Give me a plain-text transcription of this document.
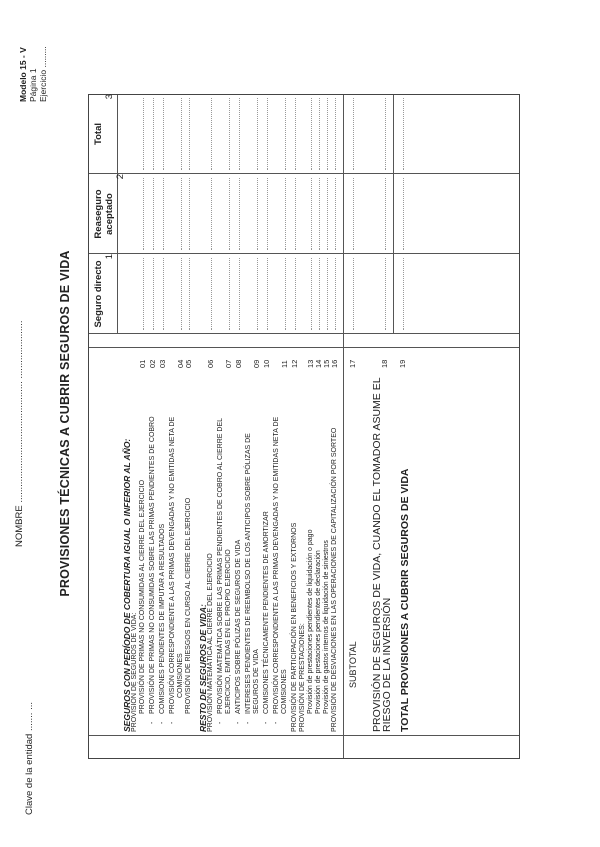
Clave de la entidad ....... ...
NOMBRE .............................................. ......................
Modelo 15 - V Página 1 Ejercicio .........
PROVISIONES TÉCNICAS A CUBRIR SEGUROS DE VIDA Seguro directo
1
Reaseguro aceptado
2
Total
3
SEGUROS CON PERÍODO DE COBERTURA IGUAL O INFERIOR AL AÑO: PROVISIÓN DE SEGUROS DE VIDA: PROVISIÓN DE PRIMAS NO CONSUMIDAS AL CIERRE DEL EJERCICIO
01
-
PROVISIÓN DE PRIMAS NO CONSUMIDAS SOBRE LAS PRIMAS PENDIENTES DE COBRO
02
-
COMISIONES PENDIENTES DE IMPUTAR A RESULTADOS
03
-
PROVISIÓN CORRESPONDIENTE A LAS PRIMAS DEVENGADAS Y NO EMITIDAS NETA DE COMISIONES
04
PROVISIÓN DE RIESGOS EN CURSO AL CIERRE DEL EJERCICIO
05
RESTO DE SEGUROS DE VIDA: PROVISIÓN MATEMÁTICA AL CIERRE DEL EJERCICIO
06
-
PROVISIÓN MATEMÁTICA SOBRE LAS PRIMAS PENDIENTES DE COBRO AL CIERRE DEL EJERCICIO, EMITIDAS EN EL PROPIO EJERCICIO
07
-
ANTICIPOS SOBRE PÓLIZAS DE SEGUROS DE VIDA
08
-
INTERESES PENDIENTES DE REEMBOLSO DE LOS ANTICIPOS SOBRE PÓLIZAS DE SEGUROS DE VIDA
09
-
COMISIONES TÉCNICAMENTE PENDIENTES DE AMORTIZAR
10
-
PROVISIÓN CORRESPONDIENTE A LAS PRIMAS DEVENGADAS Y NO EMITIDAS NETA DE COMISIONES
11
PROVISIÓN DE PARTICIPACIÓN EN BENEFICIOS Y EXTORNOS
12
PROVISIÓN DE PRESTACIONES: Provisión de prestaciones pendientes de liquidación o pago
13
Provisión de prestaciones pendientes de declaración
14
Provisión de gastos internos de liquidación de siniestros
15
PROVISIÓN DE DESVIACIONES EN LAS OPERACIONES DE CAPITALIZACIÓN POR SORTEO
16
SUBTOTAL
17
PROVISIÓN DE SEGUROS DE VIDA, CUANDO EL TOMADOR ASUME EL
RIESGO DE LA INVERSIÓN
18
TOTAL PROVISIONES A CUBRIR SEGUROS DE VIDA
19
